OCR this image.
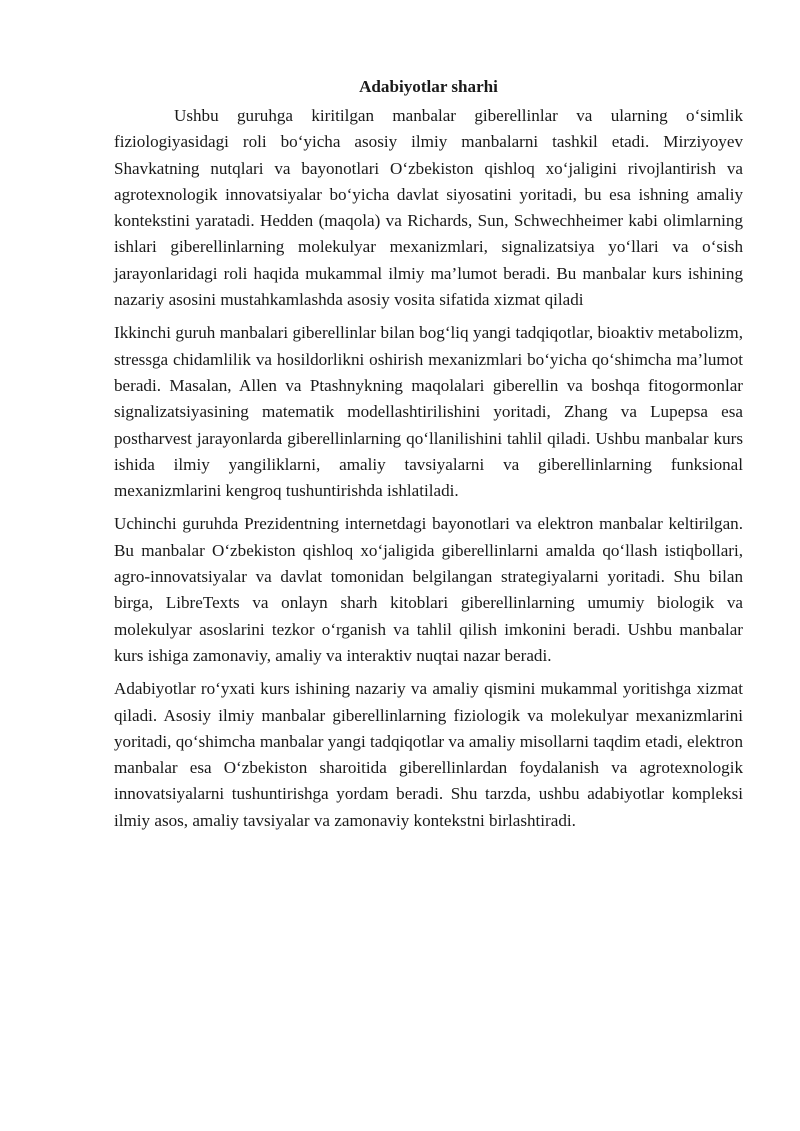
Adabiyotlar sharhi

Ushbu guruhga kiritilgan manbalar giberellinlar va ularning o‘simlik fiziologiyasidagi roli bo‘yicha asosiy ilmiy manbalarni tashkil etadi. Mirziyoyev Shavkatning nutqlari va bayonotlari O‘zbekiston qishloq xo‘jaligini rivojlantirish va agrotexnologik innovatsiyalar bo‘yicha davlat siyosatini yoritadi, bu esa ishning amaliy kontekstini yaratadi. Hedden (maqola) va Richards, Sun, Schwechheimer kabi olimlarning ishlari giberellinlarning molekulyar mexanizmlari, signalizatsiya yo‘llari va o‘sish jarayonlaridagi roli haqida mukammal ilmiy ma’lumot beradi. Bu manbalar kurs ishining nazariy asosini mustahkamlashda asosiy vosita sifatida xizmat qiladi

Ikkinchi guruh manbalari giberellinlar bilan bog‘liq yangi tadqiqotlar, bioaktiv metabolizm, stressga chidamlilik va hosildorlikni oshirish mexanizmlari bo‘yicha qo‘shimcha ma’lumot beradi. Masalan, Allen va Ptashnykning maqolalari giberellin va boshqa fitogormonlar signalizatsiyasining matematik modellashtirilishini yoritadi, Zhang va Lupepsa esa postharvest jarayonlarda giberellinlarning qo‘llanilishini tahlil qiladi. Ushbu manbalar kurs ishida ilmiy yangiliklarni, amaliy tavsiyalarni va giberellinlarning funksional mexanizmlarini kengroq tushuntirishda ishlatiladi.

Uchinchi guruhda Prezidentning internetdagi bayonotlari va elektron manbalar keltirilgan. Bu manbalar O‘zbekiston qishloq xo‘jaligida giberellinlarni amalda qo‘llash istiqbollari, agro-innovatsiyalar va davlat tomonidan belgilangan strategiyalarni yoritadi. Shu bilan birga, LibreTexts va onlayn sharh kitoblari giberellinlarning umumiy biologik va molekulyar asoslarini tezkor o‘rganish va tahlil qilish imkonini beradi. Ushbu manbalar kurs ishiga zamonaviy, amaliy va interaktiv nuqtai nazar beradi.

Adabiyotlar ro‘yxati kurs ishining nazariy va amaliy qismini mukammal yoritishga xizmat qiladi. Asosiy ilmiy manbalar giberellinlarning fiziologik va molekulyar mexanizmlarini yoritadi, qo‘shimcha manbalar yangi tadqiqotlar va amaliy misollarni taqdim etadi, elektron manbalar esa O‘zbekiston sharoitida giberellinlardan foydalanish va agrotexnologik innovatsiyalarni tushuntirishga yordam beradi. Shu tarzda, ushbu adabiyotlar kompleksi ilmiy asos, amaliy tavsiyalar va zamonaviy kontekstni birlashtiradi.
